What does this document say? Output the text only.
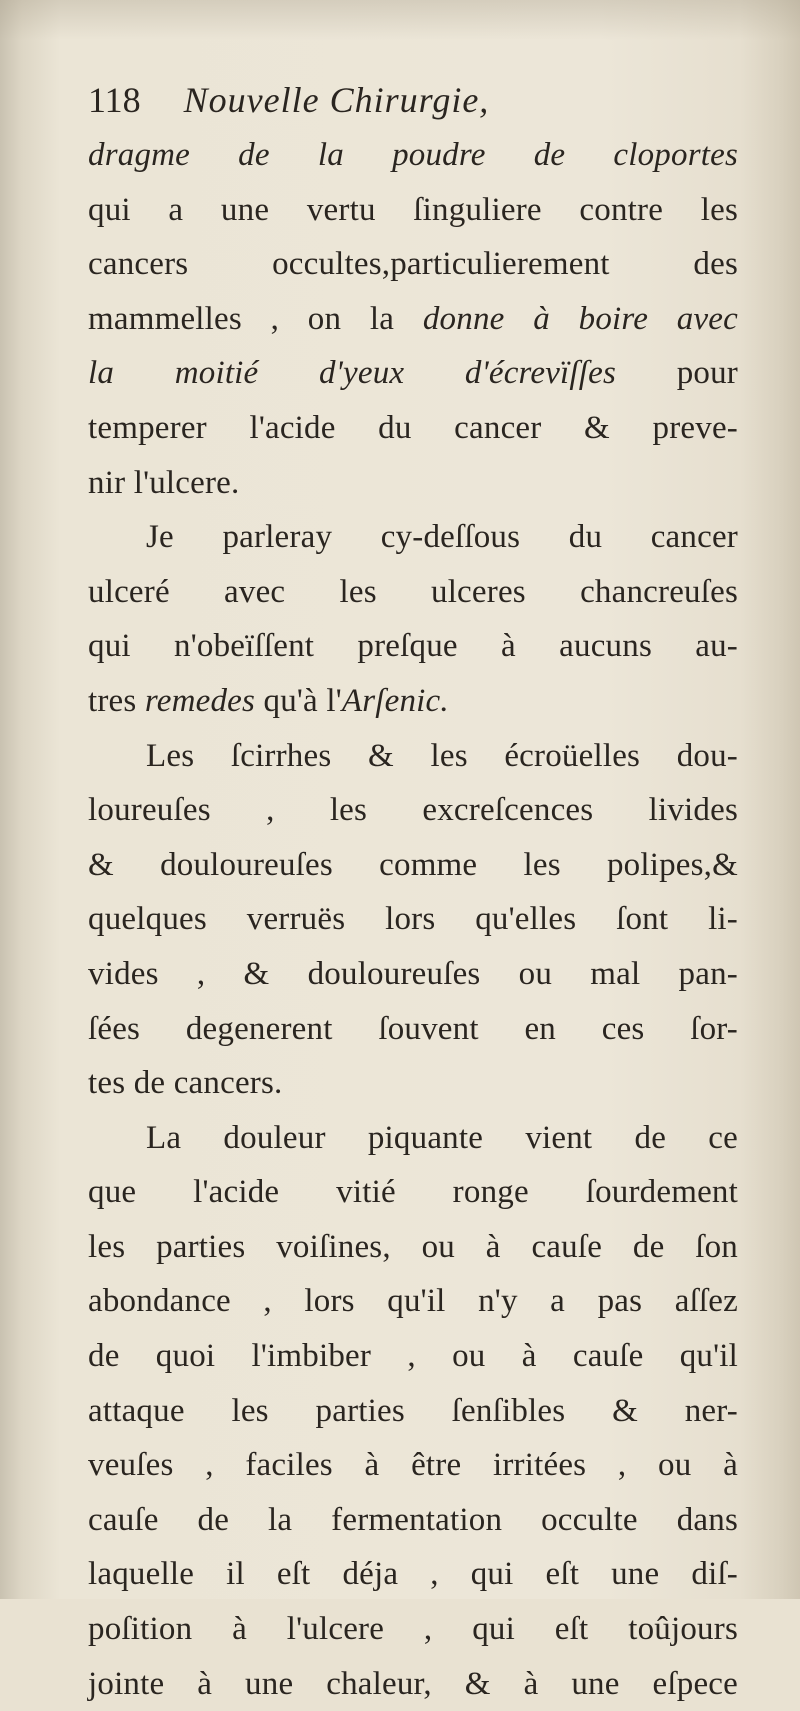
118 Nouvelle Chirurgie,
dragme de la poudre de cloportes
qui a une vertu ſinguliere contre les
cancers occultes,particulierement des
mammelles , on la donne à boire avec
la moitié d'yeux d'écrevïſſes pour
temperer l'acide du cancer & preve-
nir l'ulcere.
Je parleray cy-deſſous du cancer
ulceré avec les ulceres chancreuſes
qui n'obeïſſent preſque à aucuns au-
tres remedes qu'à l'Arſenic.
Les ſcirrhes & les écroüelles dou-
loureuſes , les excreſcences livides
& douloureuſes comme les polipes,&
quelques verruës lors qu'elles ſont li-
vides , & douloureuſes ou mal pan-
ſées degenerent ſouvent en ces ſor-
tes de cancers.
La douleur piquante vient de ce
que l'acide vitié ronge ſourdement
les parties voiſines, ou à cauſe de ſon
abondance , lors qu'il n'y a pas aſſez
de quoi l'imbiber , ou à cauſe qu'il
attaque les parties ſenſibles & ner-
veuſes , faciles à être irritées , ou à
cauſe de la fermentation occulte dans
laquelle il eſt déja , qui eſt une diſ-
poſition à l'ulcere , qui eſt toûjours
jointe à une chaleur, & à une eſpece
